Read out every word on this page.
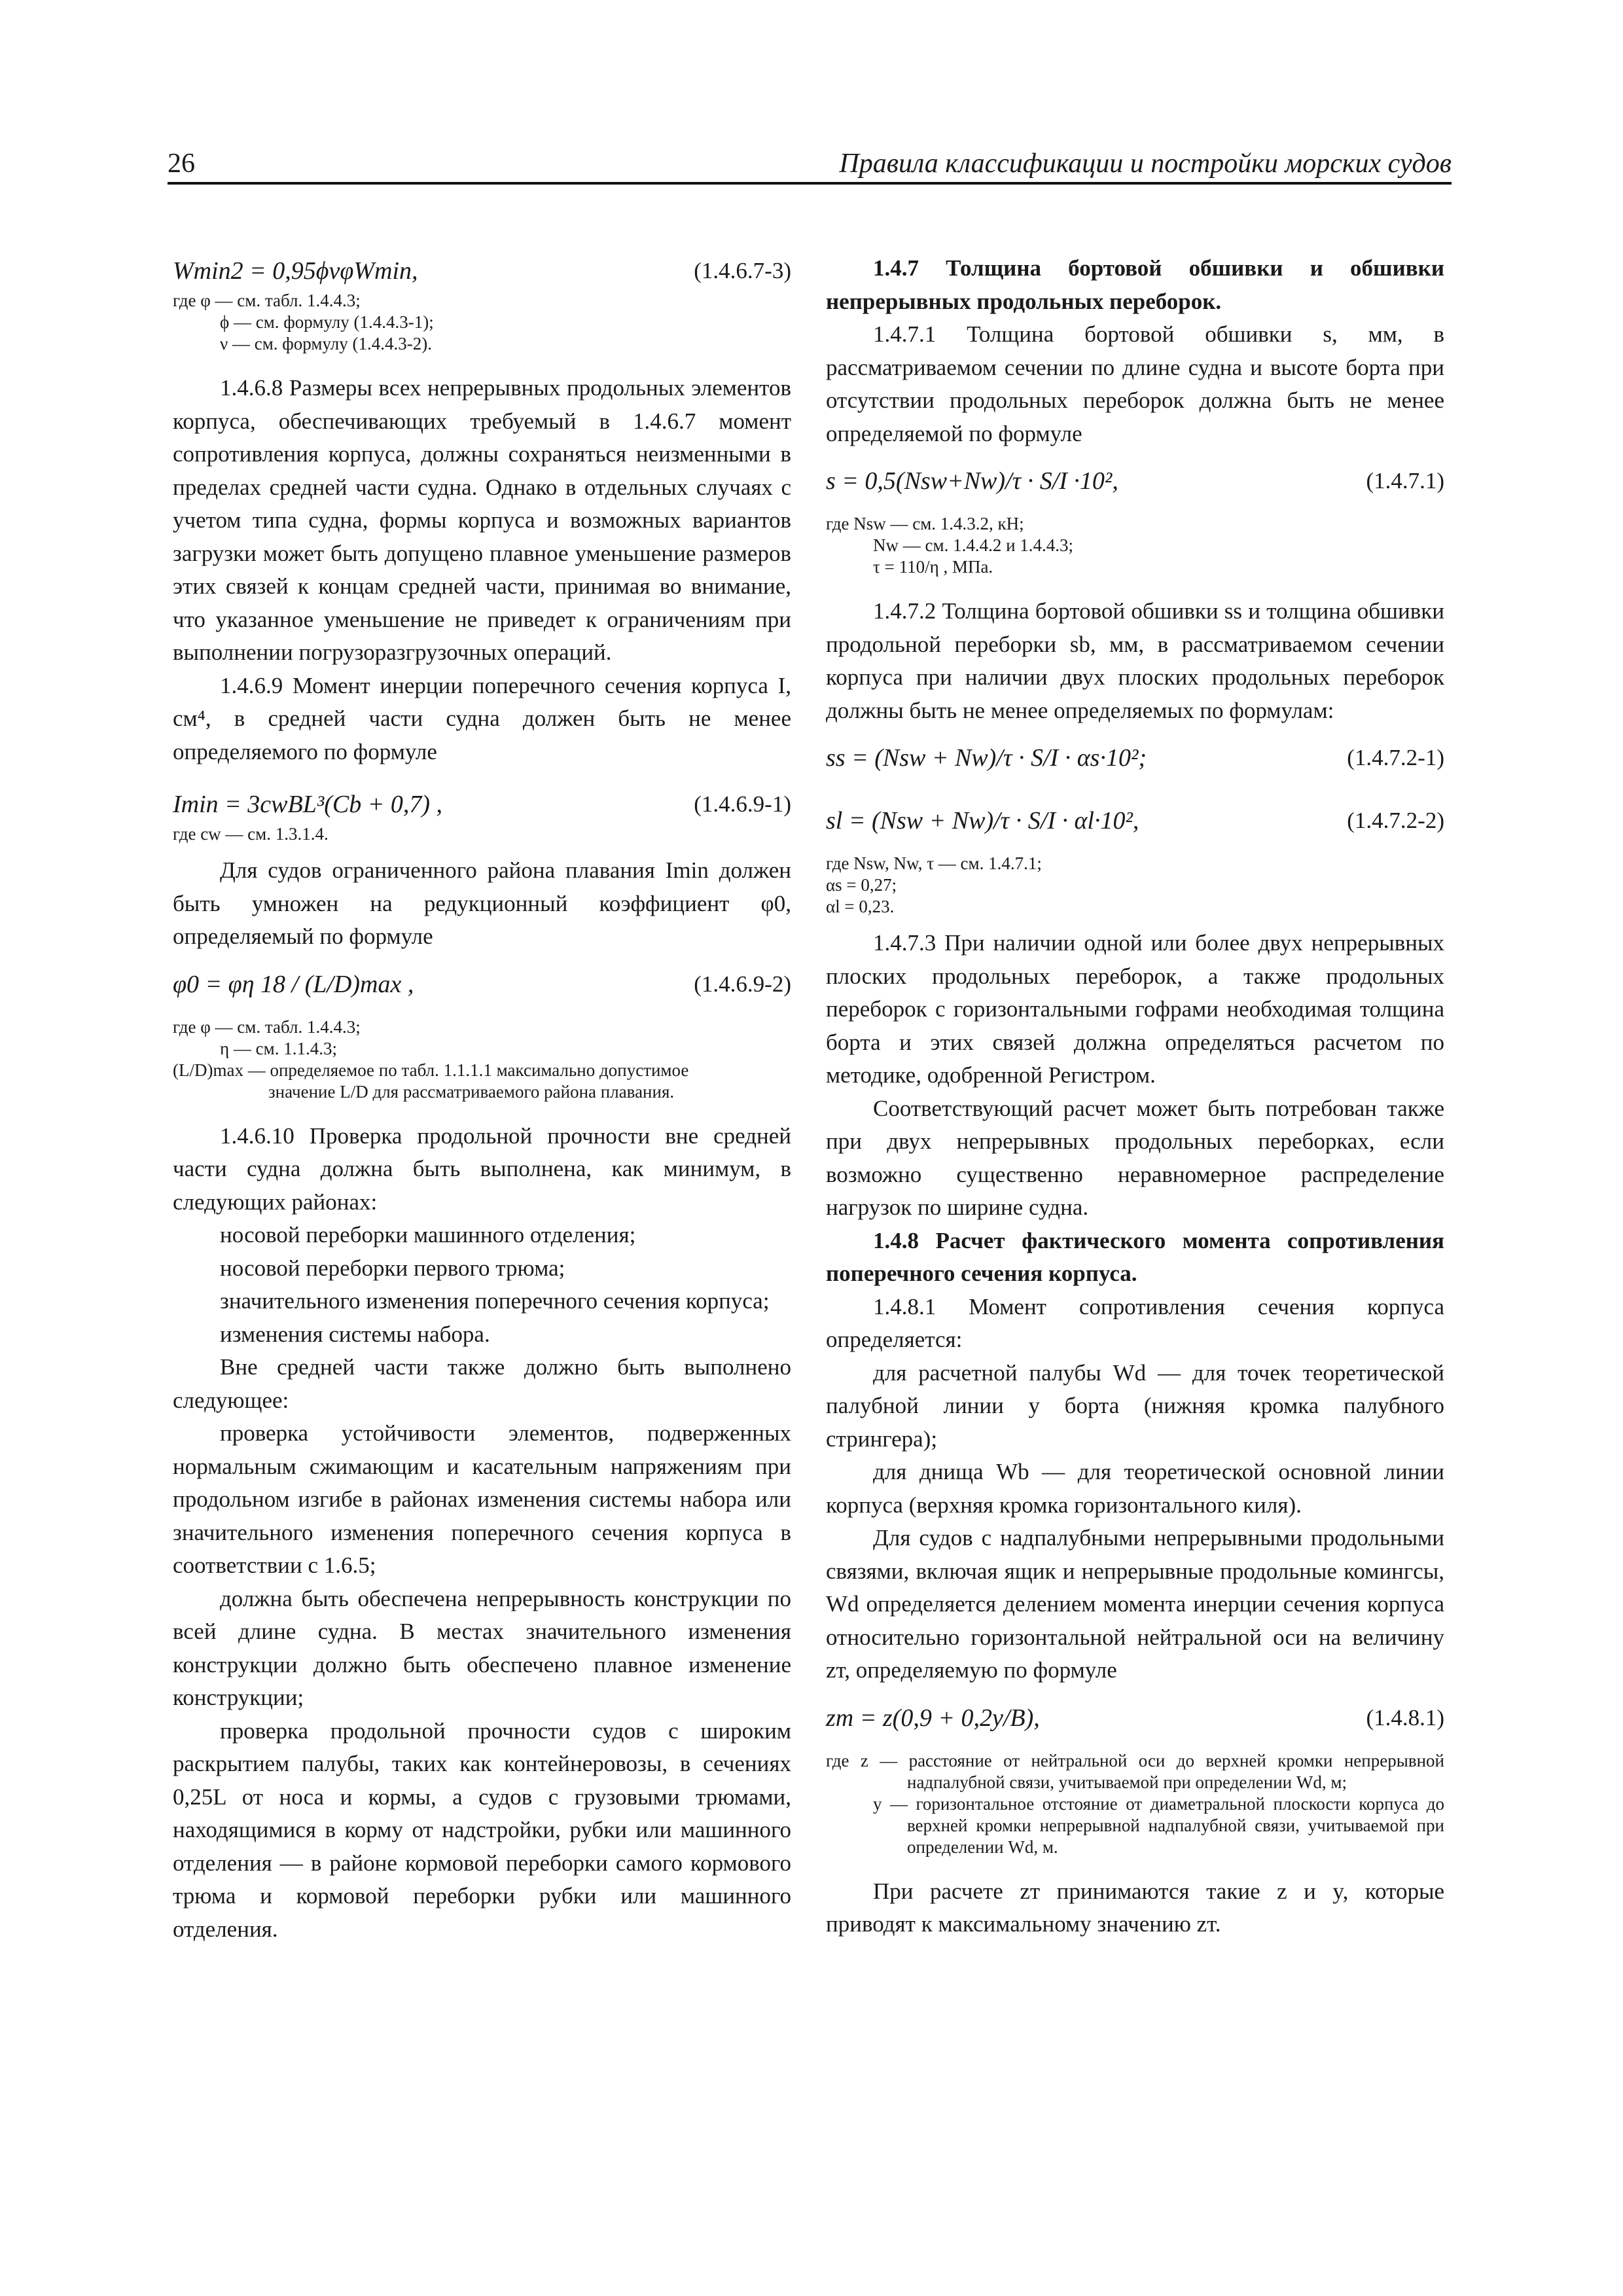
26	Правила классификации и постройки морских судов
Wmin2 = 0,95ϕνφWmin,	(1.4.6.7-3)
где φ — см. табл. 1.4.4.3;
ϕ — см. формулу (1.4.4.3-1);
ν — см. формулу (1.4.4.3-2).

1.4.6.8 Размеры всех непрерывных продольных элементов корпуса, обеспечивающих требуемый в 1.4.6.7 момент сопротивления корпуса, должны сохраняться неизменными в пределах средней части судна. Однако в отдельных случаях с учетом типа судна, формы корпуса и возможных вариантов загрузки может быть допущено плавное уменьшение размеров этих связей к концам средней части, принимая во внимание, что указанное уменьшение не приведет к ограничениям при выполнении погрузоразгрузочных операций.

1.4.6.9 Момент инерции поперечного сечения корпуса I, см⁴, в средней части судна должен быть не менее определяемого по формуле

Imin = 3cwBL³(Cb + 0,7) ,	(1.4.6.9-1)
где cw — см. 1.3.1.4.

Для судов ограниченного района плавания Imin должен быть умножен на редукционный коэффициент φ0, определяемый по формуле

φ0 = φη 18 / (L/D)max ,	(1.4.6.9-2)
где φ — см. табл. 1.4.4.3;
η — см. 1.1.4.3;
(L/D)max — определяемое по табл. 1.1.1.1 максимально допустимое
значение L/D для рассматриваемого района плавания.

1.4.6.10 Проверка продольной прочности вне средней части судна должна быть выполнена, как минимум, в следующих районах:

носовой переборки машинного отделения;

носовой переборки первого трюма;

значительного изменения поперечного сечения корпуса;

изменения системы набора.

Вне средней части также должно быть выполнено следующее:

проверка устойчивости элементов, подверженных нормальным сжимающим и касательным напряжениям при продольном изгибе в районах изменения системы набора или значительного изменения поперечного сечения корпуса в соответствии с 1.6.5;

должна быть обеспечена непрерывность конструкции по всей длине судна. В местах значительного изменения конструкции должно быть обеспечено плавное изменение конструкции;

проверка продольной прочности судов с широким раскрытием палубы, таких как контейнеровозы, в сечениях 0,25L от носа и кормы, а судов с грузовыми трюмами, находящимися в корму от надстройки, рубки или машинного отделения — в районе кормовой переборки самого кормового трюма и кормовой переборки рубки или машинного отделения.

1.4.7 Толщина бортовой обшивки и обшивки непрерывных продольных переборок.

1.4.7.1 Толщина бортовой обшивки s, мм, в рассматриваемом сечении по длине судна и высоте борта при отсутствии продольных переборок должна быть не менее определяемой по формуле

s = 0,5(Nsw+Nw)/τ · S/I ·10²,	(1.4.7.1)
где Nsw — см. 1.4.3.2, кН;
Nw — см. 1.4.4.2 и 1.4.4.3;
τ = 110/η , МПа.

1.4.7.2 Толщина бортовой обшивки ss и толщина обшивки продольной переборки sb, мм, в рассматриваемом сечении корпуса при наличии двух плоских продольных переборок должны быть не менее определяемых по формулам:

ss = (Nsw + Nw)/τ · S/I · αs·10²;	(1.4.7.2-1)
sl = (Nsw + Nw)/τ · S/I · αl·10²,	(1.4.7.2-2)
где Nsw, Nw, τ — см. 1.4.7.1;
αs = 0,27;
αl = 0,23.

1.4.7.3 При наличии одной или более двух непрерывных плоских продольных переборок, а также продольных переборок с горизонтальными гофрами необходимая толщина борта и этих связей должна определяться расчетом по методике, одобренной Регистром.

Соответствующий расчет может быть потребован также при двух непрерывных продольных переборках, если возможно существенно неравномерное распределение нагрузок по ширине судна.

1.4.8 Расчет фактического момента сопротивления поперечного сечения корпуса.

1.4.8.1 Момент сопротивления сечения корпуса определяется:

для расчетной палубы Wd — для точек теоретической палубной линии у борта (нижняя кромка палубного стрингера);

для днища Wb — для теоретической основной линии корпуса (верхняя кромка горизонтального киля).

Для судов с надпалубными непрерывными продольными связями, включая ящик и непрерывные продольные комингсы, Wd определяется делением момента инерции сечения корпуса относительно горизонтальной нейтральной оси на величину zт, определяемую по формуле

zт = z(0,9 + 0,2y/B),	(1.4.8.1)
где z — расстояние от нейтральной оси до верхней кромки непрерывной надпалубной связи, учитываемой при определении Wd, м;
y — горизонтальное отстояние от диаметральной плоскости корпуса до верхней кромки непрерывной надпалубной связи, учитываемой при определении Wd, м.

При расчете zт принимаются такие z и y, которые приводят к максимальному значению zт.
